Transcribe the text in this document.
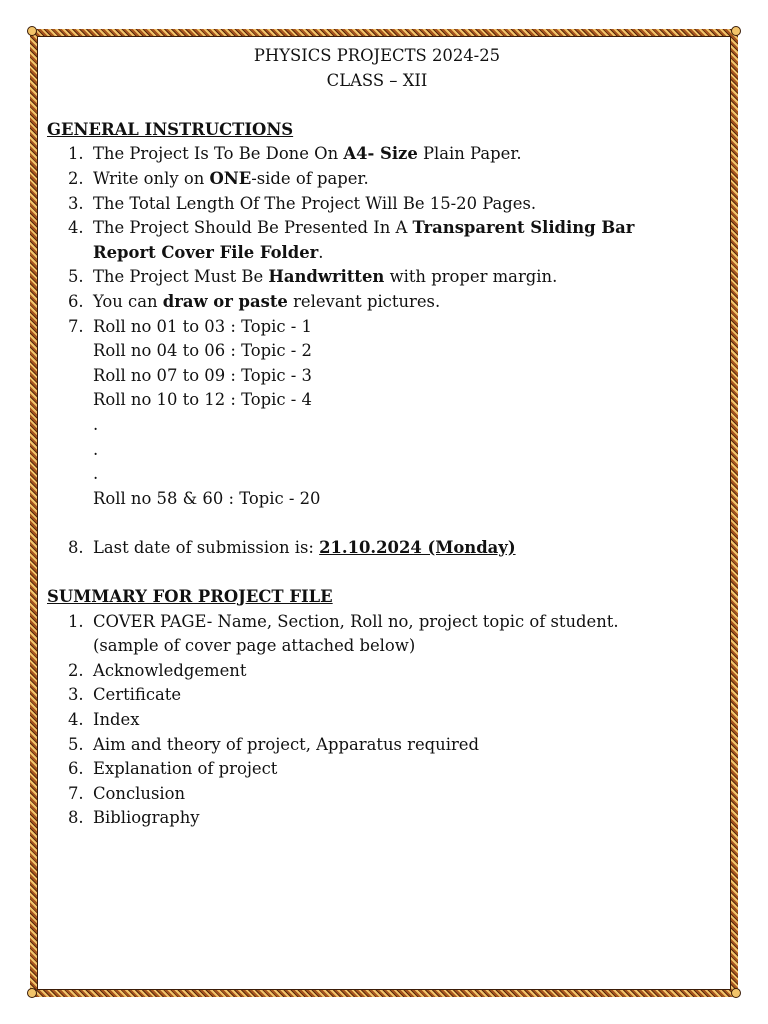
PHYSICS PROJECTS 2024-25

CLASS – XII

GENERAL INSTRUCTIONS

1. The Project Is To Be Done On A4- Size Plain Paper.
2. Write only on ONE-side of paper.
3. The Total Length Of The Project Will Be 15-20 Pages.
4. The Project Should Be Presented In A Transparent Sliding Bar
Report Cover File Folder.
5. The Project Must Be Handwritten with proper margin.
6. You can draw or paste relevant pictures.
7. Roll no 01 to 03 : Topic - 1
Roll no 04 to 06 : Topic - 2
Roll no 07 to 09 : Topic - 3
Roll no 10 to 12 : Topic - 4
.
.
.
Roll no 58 & 60 : Topic - 20
8. Last date of submission is: 21.10.2024 (Monday)

SUMMARY FOR PROJECT FILE

1. COVER PAGE- Name, Section, Roll no, project topic of student.
(sample of cover page attached below)
2. Acknowledgement
3. Certificate
4. Index
5. Aim and theory of project, Apparatus required
6. Explanation of project
7. Conclusion
8. Bibliography
